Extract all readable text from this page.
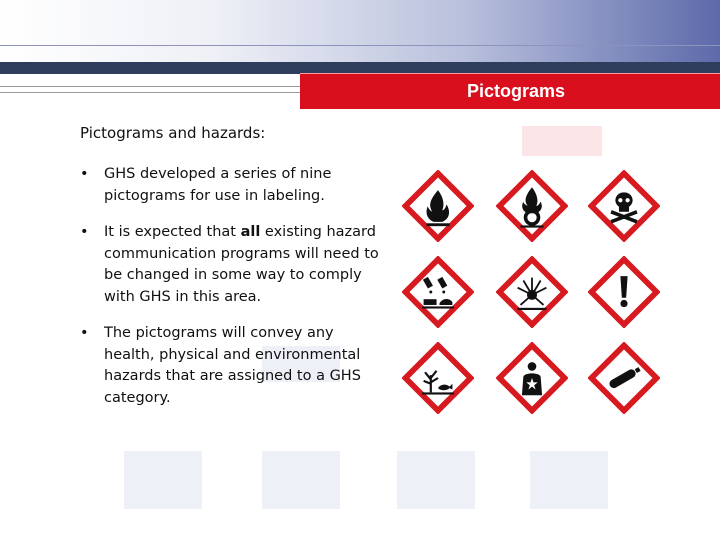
Pictograms
Pictograms and hazards:
• GHS developed a series of nine pictograms for use in labeling.
• It is expected that all existing hazard communication programs will need to be changed in some way to comply with GHS in this area.
• The pictograms will convey any health, physical and environmental hazards that are assigned to a GHS category.
